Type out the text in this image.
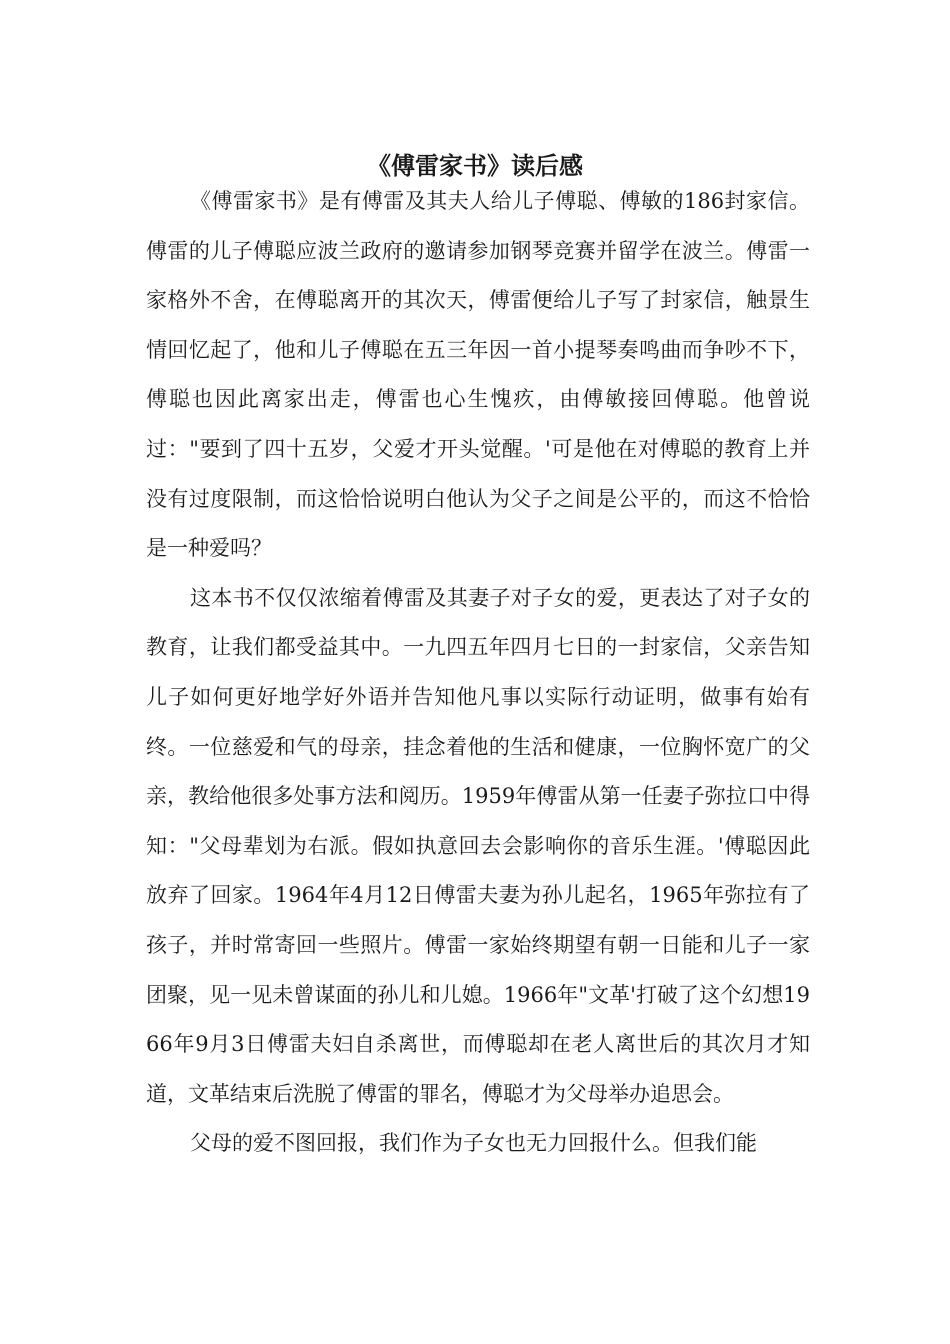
《傅雷家书》读后感

《傅雷家书》是有傅雷及其夫人给儿子傅聪、傅敏的186封家信。傅雷的儿子傅聪应波兰政府的邀请参加钢琴竞赛并留学在波兰。傅雷一家格外不舍，在傅聪离开的其次天，傅雷便给儿子写了封家信，触景生情回忆起了，他和儿子傅聪在五三年因一首小提琴奏鸣曲而争吵不下，傅聪也因此离家出走，傅雷也心生愧疚，由傅敏接回傅聪。他曾说过："要到了四十五岁，父爱才开头觉醒。'可是他在对傅聪的教育上并没有过度限制，而这恰恰说明白他认为父子之间是公平的，而这不恰恰是一种爱吗？

这本书不仅仅浓缩着傅雷及其妻子对子女的爱，更表达了对子女的教育，让我们都受益其中。一九四五年四月七日的一封家信，父亲告知儿子如何更好地学好外语并告知他凡事以实际行动证明，做事有始有终。一位慈爱和气的母亲，挂念着他的生活和健康，一位胸怀宽广的父亲，教给他很多处事方法和阅历。1959年傅雷从第一任妻子弥拉口中得知："父母辈划为右派。假如执意回去会影响你的音乐生涯。'傅聪因此放弃了回家。1964年4月12日傅雷夫妻为孙儿起名，1965年弥拉有了孩子，并时常寄回一些照片。傅雷一家始终期望有朝一日能和儿子一家团聚，见一见未曾谋面的孙儿和儿媳。1966年"文革'打破了这个幻想1966年9月3日傅雷夫妇自杀离世，而傅聪却在老人离世后的其次月才知道，文革结束后洗脱了傅雷的罪名，傅聪才为父母举办追思会。

父母的爱不图回报，我们作为子女也无力回报什么。但我们能
